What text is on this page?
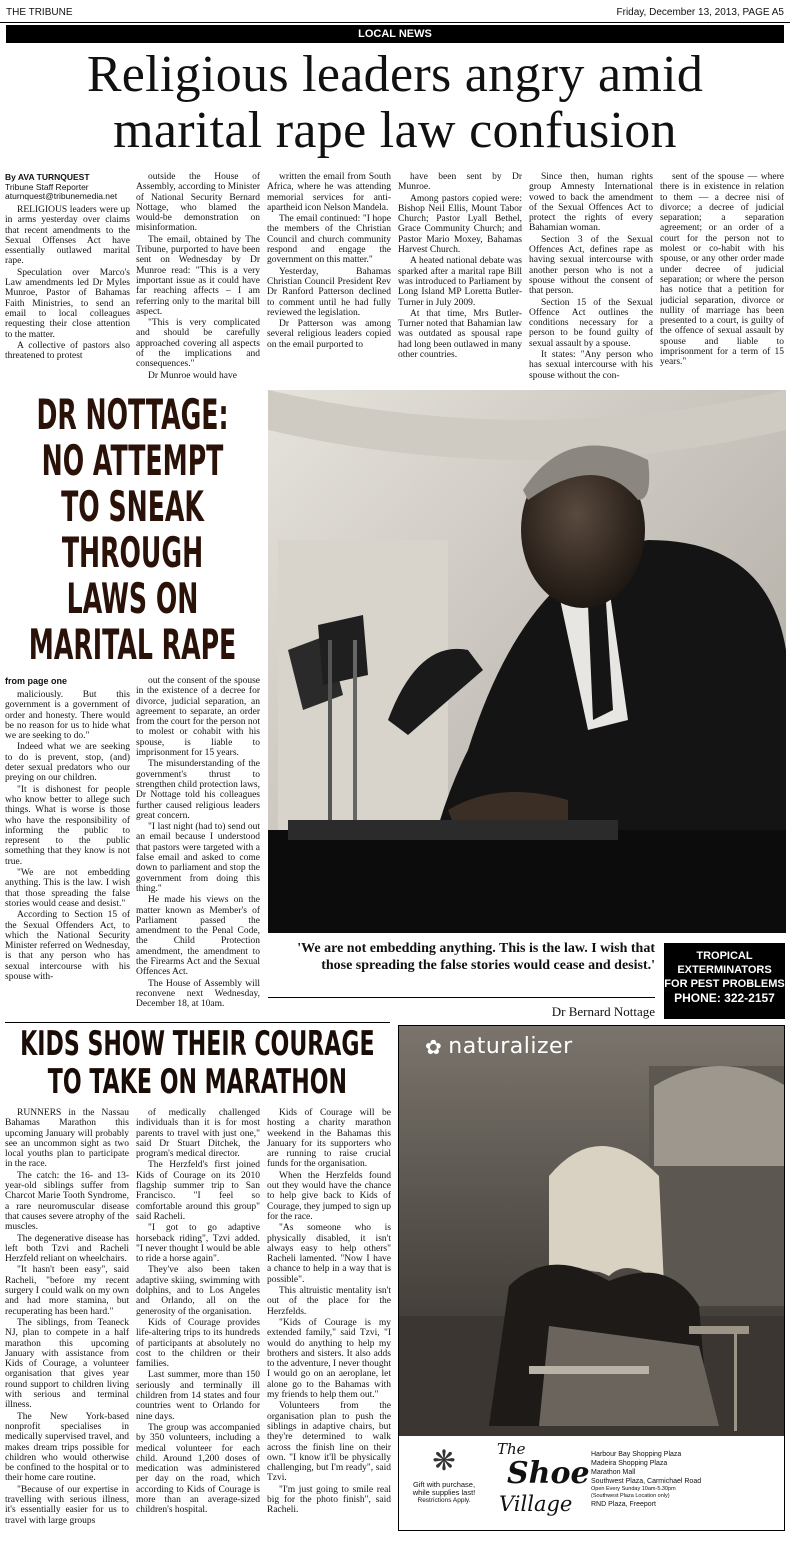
THE TRIBUNE	Friday, December 13, 2013, PAGE A5
LOCAL NEWS
Religious leaders angry amid
marital rape law confusion
By AVA TURNQUEST
Tribune Staff Reporter
aturnquest@tribunemedia.net

RELIGIOUS leaders were up in arms yesterday over claims that recent amendments to the Sexual Offenses Act have essentially outlawed marital rape.

Speculation over Marco's Law amendments led Dr Myles Munroe, Pastor of Bahamas Faith Ministries, to send an email to local colleagues requesting their close attention to the matter.

A collective of pastors also threatened to protest

outside the House of Assembly, according to Minister of National Security Bernard Nottage, who blamed the would-be demonstration on misinformation.

The email, obtained by The Tribune, purported to have been sent on Wednesday by Dr Munroe read: "This is a very important issue as it could have far reaching affects – I am referring only to the marital bill aspect.

"This is very complicated and should be carefully approached covering all aspects of the implications and consequences."

Dr Munroe would have

written the email from South Africa, where he was attending memorial services for anti-apartheid icon Nelson Mandela.

The email continued: "I hope the members of the Christian Council and church community respond and engage the government on this matter."

Yesterday, Bahamas Christian Council President Rev Dr Ranford Patterson declined to comment until he had fully reviewed the legislation.

Dr Patterson was among several religious leaders copied on the email purported to

have been sent by Dr Munroe.

Among pastors copied were: Bishop Neil Ellis, Mount Tabor Church; Pastor Lyall Bethel, Grace Community Church; and Pastor Mario Moxey, Bahamas Harvest Church.

A heated national debate was sparked after a marital rape Bill was introduced to Parliament by Long Island MP Loretta Butler-Turner in July 2009.

At that time, Mrs Butler-Turner noted that Bahamian law was outdated as spousal rape had long been outlawed in many other countries.

Since then, human rights group Amnesty International vowed to back the amendment of the Sexual Offences Act to protect the rights of every Bahamian woman.

Section 3 of the Sexual Offences Act, defines rape as having sexual intercourse with another person who is not a spouse without the consent of that person.

Section 15 of the Sexual Offence Act outlines the conditions necessary for a person to be found guilty of sexual assault by a spouse.

It states: "Any person who has sexual intercourse with his spouse without the con-

sent of the spouse — where there is in existence in relation to them — a decree nisi of divorce; a decree of judicial separation; a separation agreement; or an order of a court for the person not to molest or co-habit with his spouse, or any other order made under decree of judicial separation; or where the person has notice that a petition for judicial separation, divorce or nullity of marriage has been presented to a court, is guilty of the offence of sexual assault by spouse and liable to imprisonment for a term of 15 years."

DR NOTTAGE:
NO ATTEMPT
TO SNEAK
THROUGH
LAWS ON
MARITAL RAPE
from page one

maliciously. But this government is a government of order and honesty. There would be no reason for us to hide what we are seeking to do."

Indeed what we are seeking to do is prevent, stop, (and) deter sexual predators who our preying on our children.

"It is dishonest for people who know better to allege such things. What is worse is those who have the responsibility of informing the public to represent to the public something that they know is not true.

"We are not embedding anything. This is the law. I wish that those spreading the false stories would cease and desist."

According to Section 15 of the Sexual Offenders Act, to which the National Security Minister referred on Wednesday, is that any person who has sexual intercourse with his spouse with-

out the consent of the spouse in the existence of a decree for divorce, judicial separation, an agreement to separate, an order from the court for the person not to molest or cohabit with his spouse, is liable to imprisonment for 15 years.

The misunderstanding of the government's thrust to strengthen child protection laws, Dr Nottage told his colleagues further caused religious leaders great concern.

"I last night (had to) send out an email because I understood that pastors were targeted with a false email and asked to come down to parliament and stop the government from doing this thing."

He made his views on the matter known as Member's of Parliament passed the amendment to the Penal Code, the Child Protection amendment, the amendment to the Firearms Act and the Sexual Offences Act.

The House of Assembly will reconvene next Wednesday, December 18, at 10am.

'We are not embedding anything. This is the law. I wish that those spreading the false stories would cease and desist.'
Dr Bernard Nottage
TROPICAL
EXTERMINATORS
FOR PEST PROBLEMS
PHONE: 322-2157
KIDS SHOW THEIR COURAGE
TO TAKE ON MARATHON

RUNNERS in the Nassau Bahamas Marathon this upcoming January will probably see an uncommon sight as two local youths plan to participate in the race.

The catch: the 16- and 13-year-old siblings suffer from Charcot Marie Tooth Syndrome, a rare neuromuscular disease that causes severe atrophy of the muscles.

The degenerative disease has left both Tzvi and Racheli Herzfeld reliant on wheelchairs.

"It hasn't been easy", said Racheli, "before my recent surgery I could walk on my own and had more stamina, but recuperating has been hard."

The siblings, from Teaneck NJ, plan to compete in a half marathon this upcoming January with assistance from Kids of Courage, a volunteer organisation that gives year round support to children living with serious and terminal illness.

The New York-based nonprofit specialises in medically supervised travel, and makes dream trips possible for children who would otherwise be confined to the hospital or to their home care routine.

"Because of our expertise in travelling with serious illness, it's essentially easier for us to travel with large groups

of medically challenged individuals than it is for most parents to travel with just one," said Dr Stuart Ditchek, the program's medical director.

The Herzfeld's first joined Kids of Courage on its 2010 flagship summer trip to San Francisco. "I feel so comfortable around this group" said Racheli.

"I got to go adaptive horseback riding", Tzvi added. "I never thought I would be able to ride a horse again".

They've also been taken adaptive skiing, swimming with dolphins, and to Los Angeles and Orlando, all on the generosity of the organisation.

Kids of Courage provides life-altering trips to its hundreds of participants at absolutely no cost to the children or their families.

Last summer, more than 150 seriously and terminally ill children from 14 states and four countries went to Orlando for nine days.

The group was accompanied by 350 volunteers, including a medical volunteer for each child. Around 1,200 doses of medication was administered per day on the road, which according to Kids of Courage is more than an average-sized children's hospital.

Kids of Courage will be hosting a charity marathon weekend in the Bahamas this January for its supporters who are running to raise crucial funds for the organisation.

When the Herzfelds found out they would have the chance to help give back to Kids of Courage, they jumped to sign up for the race.

"As someone who is physically disabled, it isn't always easy to help others" Racheli lamented. "Now I have a chance to help in a way that is possible".

This altruistic mentality isn't out of the place for the Herzfelds.

"Kids of Courage is my extended family," said Tzvi, "I would do anything to help my brothers and sisters. It also adds to the adventure, I never thought I would go on an aeroplane, let alone go to the Bahamas with my friends to help them out."

Volunteers from the organisation plan to push the siblings in adaptive chairs, but they're determined to walk across the finish line on their own. "I know it'll be physically challenging, but I'm ready", said Tzvi.

"I'm just going to smile real big for the photo finish", said Racheli.

✿ naturalizer
❋
Gift with purchase,
while supplies last!
Restrictions Apply.
The
Shoe
Village
Harbour Bay Shopping Plaza
Madeira Shopping Plaza
Marathon Mall
Southwest Plaza, Carmichael Road
Open Every Sunday 10am-5.30pm
(Southwest Plaza Location only)
RND Plaza, Freeport
